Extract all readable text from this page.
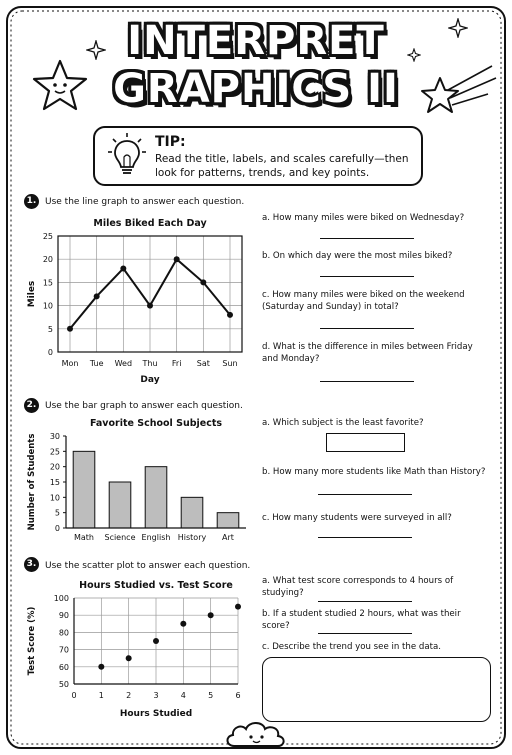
INTERPRET
GRAPHICS II
TIP:
Read the title, labels, and scales carefully—then look for patterns, trends, and key points.
1. Use the line graph to answer each question.
Miles Biked Each Day
0
5
10
15
20
25
Mon Tue Wed Thu Fri Sat Sun
Day
Miles
a. How many miles were biked on Wednesday?
b. On which day were the most miles biked?
c. How many miles were biked on the weekend (Saturday and Sunday) in total?
d. What is the difference in miles between Friday and Monday?
2. Use the bar graph to answer each question.
Favorite School Subjects
0
5
10
15
20
25
30
Math Science English History Art
Number of Students
a. Which subject is the least favorite?
b. How many more students like Math than History?
c. How many students were surveyed in all?
3. Use the scatter plot to answer each question.
Hours Studied vs. Test Score
50
60
70
80
90
100
0	1	2	3	4	5	6
Hours Studied
Test Score (%)
a. What test score corresponds to 4 hours of studying?
b. If a student studied 2 hours, what was their score?
c. Describe the trend you see in the data.
